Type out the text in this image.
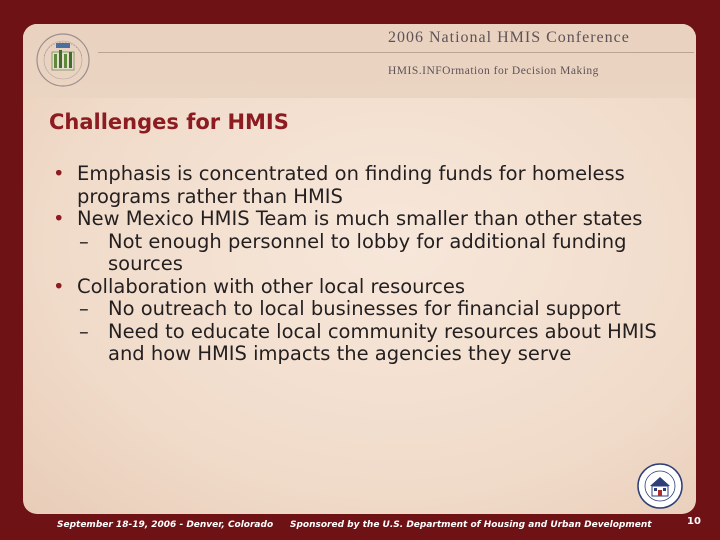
2006 National HMIS Conference
HMIS.INFOrmation for Decision Making
Challenges for HMIS
• Emphasis is concentrated on finding funds for homeless programs rather than HMIS
• New Mexico HMIS Team is much smaller than other states
– Not enough personnel to lobby for additional funding sources
• Collaboration with other local resources
– No outreach to local businesses for financial support
– Need to educate local community resources about HMIS and how HMIS impacts the agencies they serve
September 18-19, 2006 - Denver, Colorado Sponsored by the U.S. Department of Housing and Urban Development	10
